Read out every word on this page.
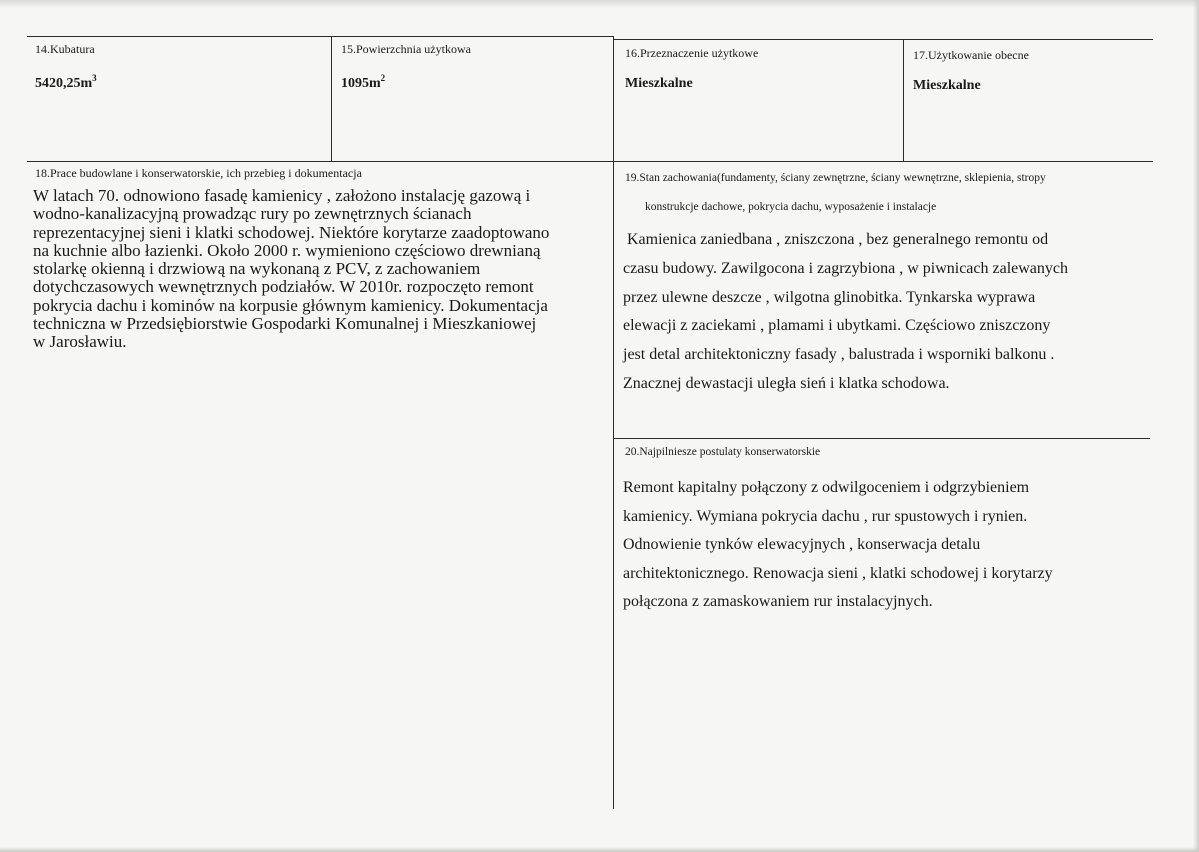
14.Kubatura
$5420,25m^3$
15.Powierzchnia użytkowa
$1095m^2$
16.Przeznaczenie użytkowe
Mieszkalne
17.Użytkowanie obecne
Mieszkalne
18.Prace budowlane i konserwatorskie, ich przebieg i dokumentacja
W latach 70. odnowiono fasadę kamienicy , założono instalację gazową i
wodno-kanalizacyjną prowadząc rury po zewnętrznych ścianach
reprezentacyjnej sieni i klatki schodowej. Niektóre korytarze zaadoptowano
na kuchnie albo łazienki. Około 2000 r. wymieniono częściowo drewnianą
stolarkę okienną i drzwiową na wykonaną z PCV, z zachowaniem
dotychczasowych wewnętrznych podziałów. W 2010r. rozpoczęto remont
pokrycia dachu i kominów na korpusie głównym kamienicy. Dokumentacja
techniczna w Przedsiębiorstwie Gospodarki Komunalnej i Mieszkaniowej
w Jarosławiu.
19.Stan zachowania(fundamenty, ściany zewnętrzne, ściany wewnętrzne, sklepienia, stropy
konstrukcje dachowe, pokrycia dachu, wyposażenie i instalacje
Kamienica zaniedbana , zniszczona , bez generalnego remontu od
czasu budowy. Zawilgocona i zagrzybiona , w piwnicach zalewanych
przez ulewne deszcze , wilgotna glinobitka. Tynkarska wyprawa
elewacji z zaciekami , plamami i ubytkami. Częściowo zniszczony
jest detal architektoniczny fasady , balustrada i wsporniki balkonu .
Znacznej dewastacji uległa sień i klatka schodowa.
20.Najpilniesze postulaty konserwatorskie
Remont kapitalny połączony z odwilgoceniem i odgrzybieniem
kamienicy. Wymiana pokrycia dachu , rur spustowych i rynien.
Odnowienie tynków elewacyjnych , konserwacja detalu
architektonicznego. Renowacja sieni , klatki schodowej i korytarzy
połączona z zamaskowaniem rur instalacyjnych.
